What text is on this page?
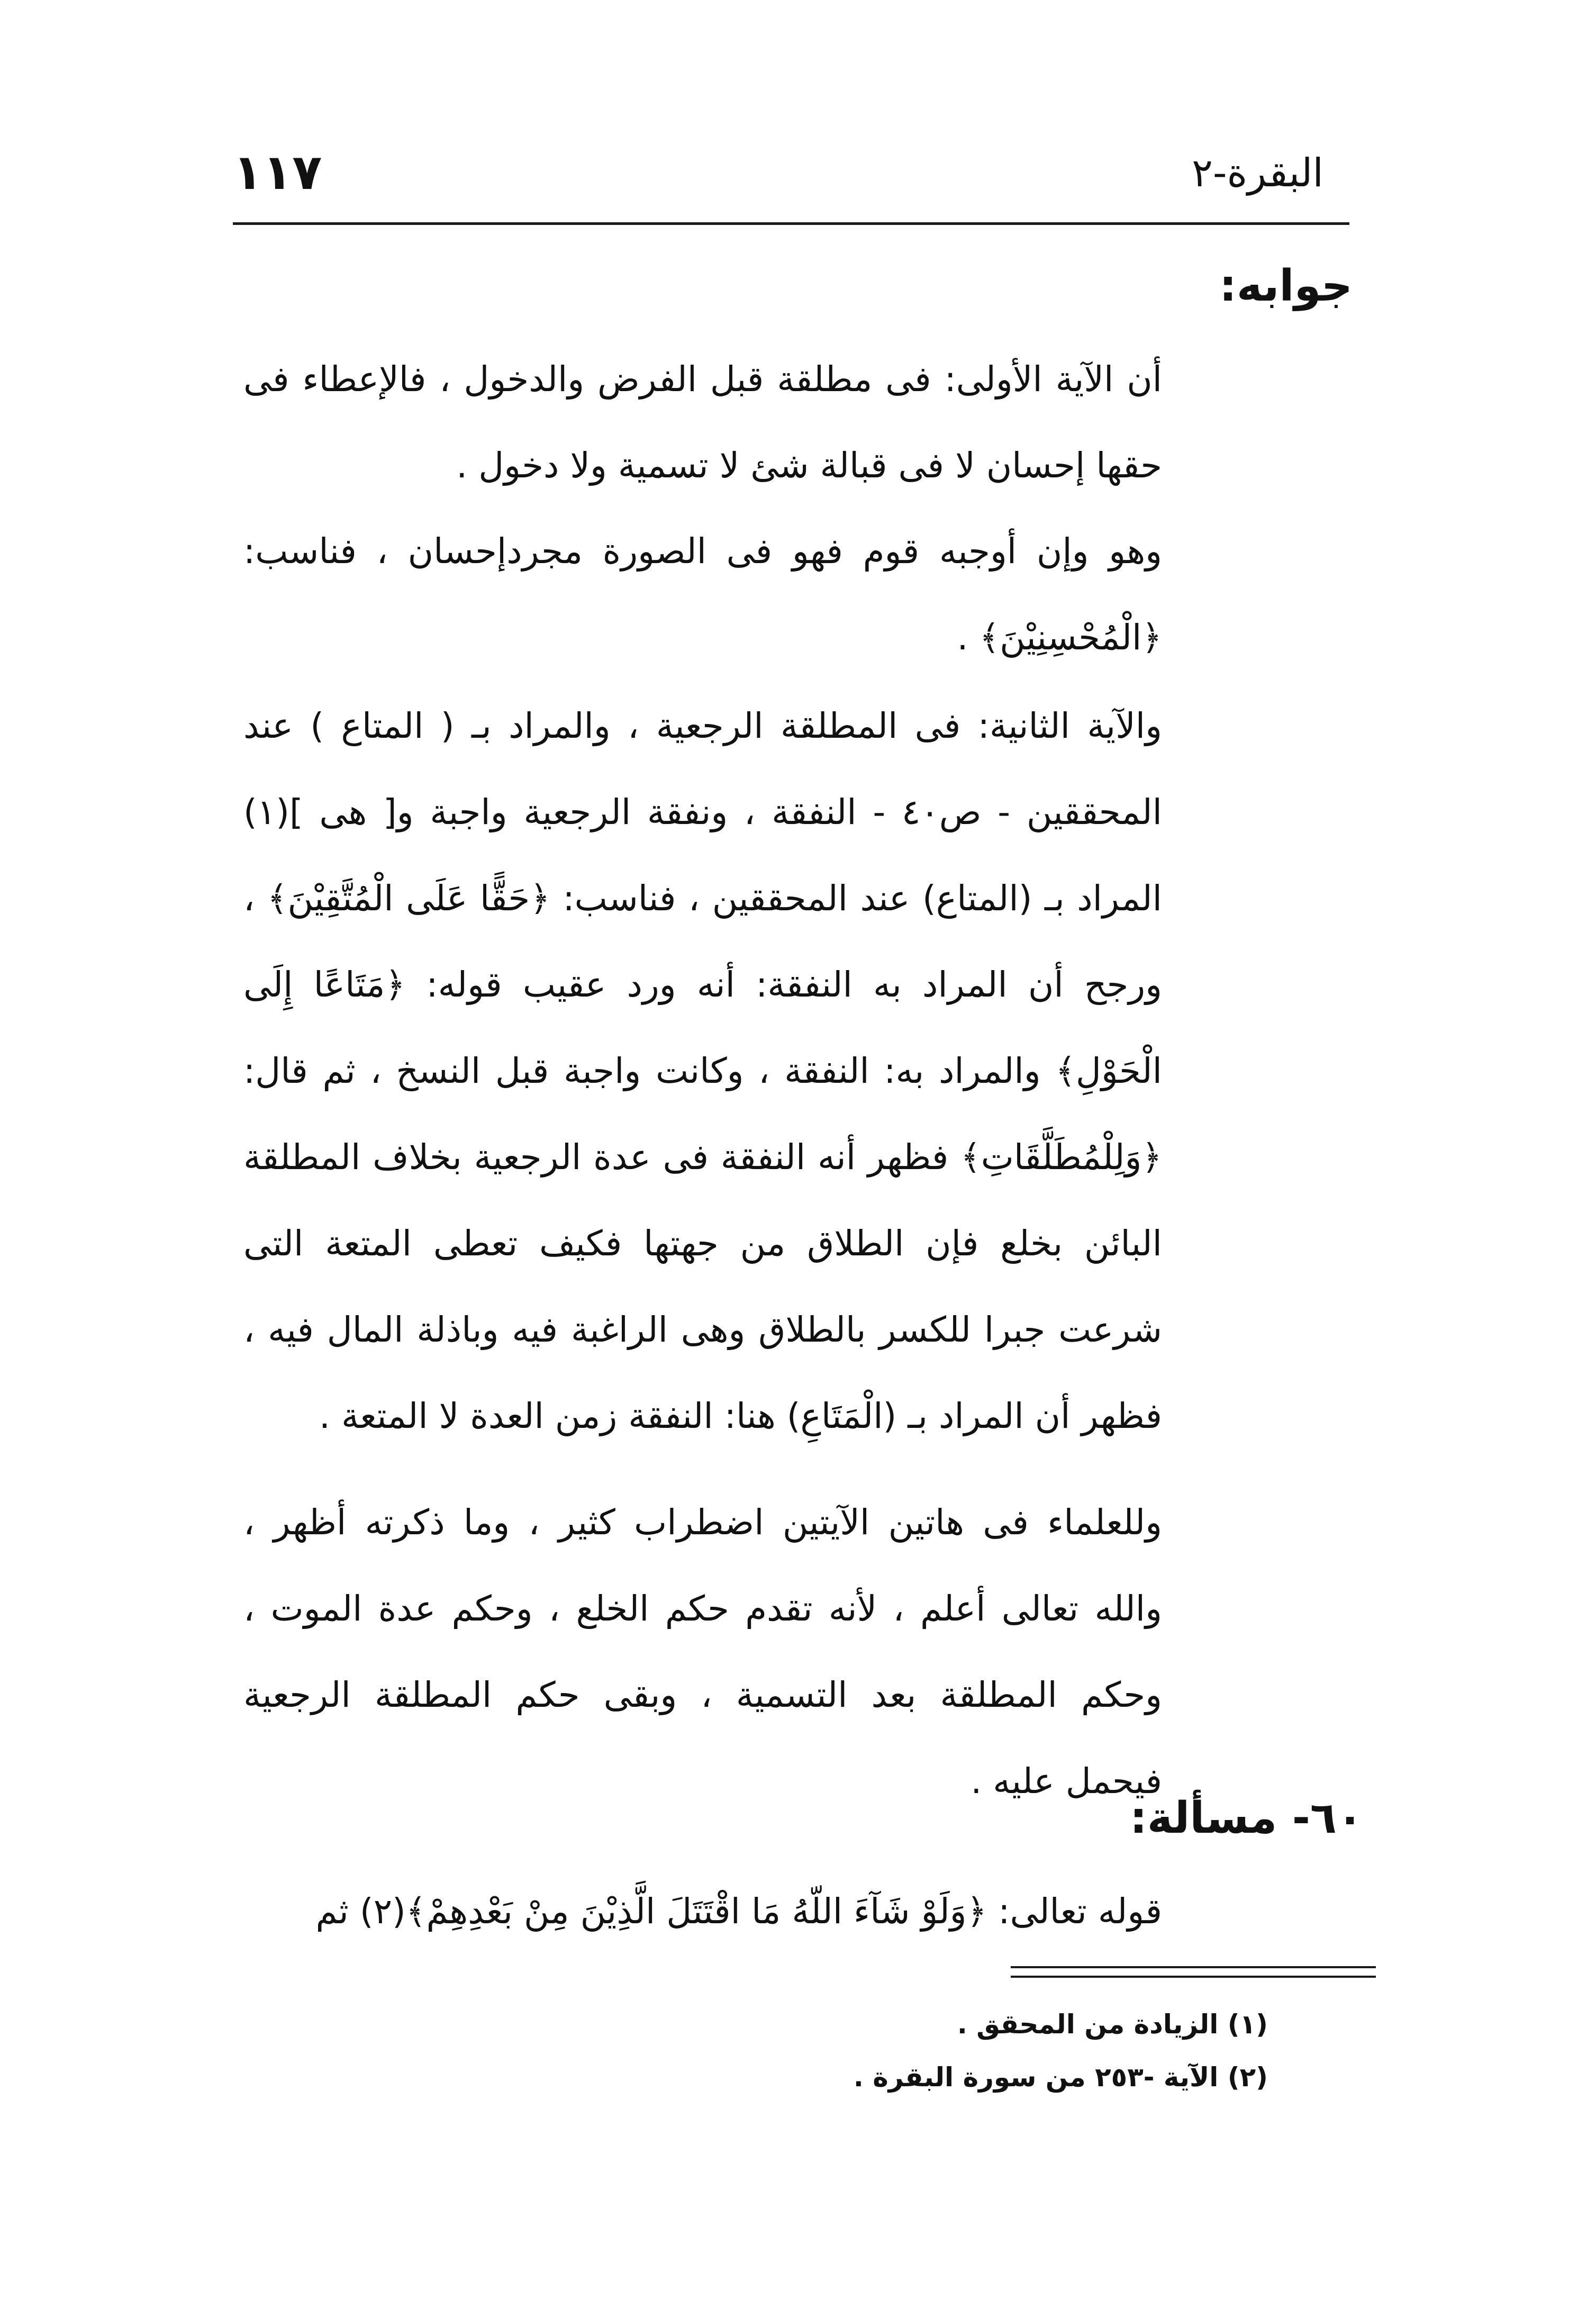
البقرة-٢
١١٧
جوابه:

أن الآية الأولى: فى مطلقة قبل الفرض والدخول ، فالإعطاء فى حقها إحسان لا فى قبالة شئ لا تسمية ولا دخول .

وهو وإن أوجبه قوم فهو فى الصورة مجردإحسان ، فناسب: ﴿الْمُحْسِنِيْنَ﴾ .

والآية الثانية: فى المطلقة الرجعية ، والمراد بـ ( المتاع ) عند المحققين - ص٤٠ - النفقة ، ونفقة الرجعية واجبة و[ هى ](١) المراد بـ (المتاع) عند المحققين ، فناسب: ﴿حَقًّا عَلَى الْمُتَّقِيْنَ﴾ ، ورجح أن المراد به النفقة: أنه ورد عقيب قوله: ﴿مَتَاعًا إِلَى الْحَوْلِ﴾ والمراد به: النفقة ، وكانت واجبة قبل النسخ ، ثم قال: ﴿وَلِلْمُطَلَّقَاتِ﴾ فظهر أنه النفقة فى عدة الرجعية بخلاف المطلقة البائن بخلع فإن الطلاق من جهتها فكيف تعطى المتعة التى شرعت جبرا للكسر بالطلاق وهى الراغبة فيه وباذلة المال فيه ، فظهر أن المراد بـ (الْمَتَاعِ) هنا: النفقة زمن العدة لا المتعة .

وللعلماء فى هاتين الآيتين اضطراب كثير ، وما ذكرته أظهر ، والله تعالى أعلم ، لأنه تقدم حكم الخلع ، وحكم عدة الموت ، وحكم المطلقة بعد التسمية ، وبقى حكم المطلقة الرجعية فيحمل عليه .

٦٠- مسألة:

قوله تعالى: ﴿وَلَوْ شَآءَ اللّهُ مَا اقْتَتَلَ الَّذِيْنَ مِنْ بَعْدِهِمْ﴾(٢) ثم

(١) الزيادة من المحقق .
(٢) الآية -٢٥٣ من سورة البقرة .
